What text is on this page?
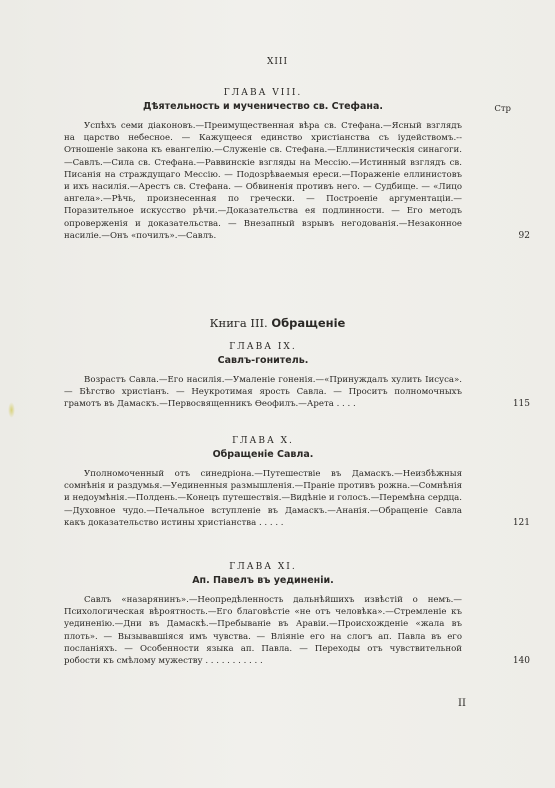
XIII
Стр

ГЛАВА VIII.

Дѣятельность и мученичество св. Стефана.

Успѣхъ семи діаконовъ.—Преимущественная вѣра св. Стефана.—Ясный взглядъ на царство небесное. — Кажущееся единство христіанства съ іудействомъ.--Отношеніе закона къ евангелію.—Служеніе св. Стефана.—Еллинистическія синагоги.—Савлъ.—Сила св. Стефана.—Раввинскіе взгляды на Мессію.—Истинный взглядъ св. Писанія на страждущаго Мессію. — Подозрѣваемыя ереси.—Пораженіе еллинистовъ и ихъ насилія.—Арестъ св. Стефана. — Обвиненія противъ него. — Судбище. — «Лицо ангела».—Рѣчь, произнесенная по гречески. — Построеніе аргументаціи.—Поразительное искусство рѣчи.—Доказательства ея подлинности. — Его методъ опроверженія и доказательства. — Внезапный взрывъ негодованія.—Незаконное насиліе.—Онъ «почилъ».—Савлъ.	92

Книга III. Обращеніе

ГЛАВА IX.

Савлъ-гонитель.

Возрастъ Савла.—Его насилія.—Умаленіе гоненія.—«Принуждалъ хулить Іисуса». — Бѣгство христіанъ. — Неукротимая ярость Савла. — Проситъ полномочныхъ грамотъ въ Дамаскъ.—Первосвященникъ Ѳеофилъ.—Арета . . . .	115

ГЛАВА X.

Обращеніе Савла.

Уполномоченный отъ синедріона.—Путешествіе въ Дамаскъ.—Неизбѣжныя сомнѣнія и раздумья.—Уединенныя размышленія.—Праніе противъ рожна.—Сомнѣнія и недоумѣнія.—Полдень.—Конецъ путешествія.—Видѣніе и голосъ.—Перемѣна сердца.—Духовное чудо.—Печальное вступленіе въ Дамаскъ.—Ананія.—Обращеніе Савла какъ доказательство истины христіанства . . . . .	121

ГЛАВА XI.

Ап. Павелъ въ уединеніи.

Савлъ «назарянинъ».—Неопредѣленность дальнѣйшихъ извѣстій о немъ.—Психологическая вѣроятность.—Его благовѣстіе «не отъ человѣка».—Стремленіе къ уединенію.—Дни въ Дамаскѣ.—Пребываніе въ Аравіи.—Происхожденіе «жала въ плоть». — Вызывавшіяся имъ чувства. — Вліяніе его на слогъ ап. Павла въ его посланіяхъ. — Особенности языка ап. Павла. — Переходы отъ чувствительной робости къ смѣлому мужеству . . . . . . . . . . .	140

II
